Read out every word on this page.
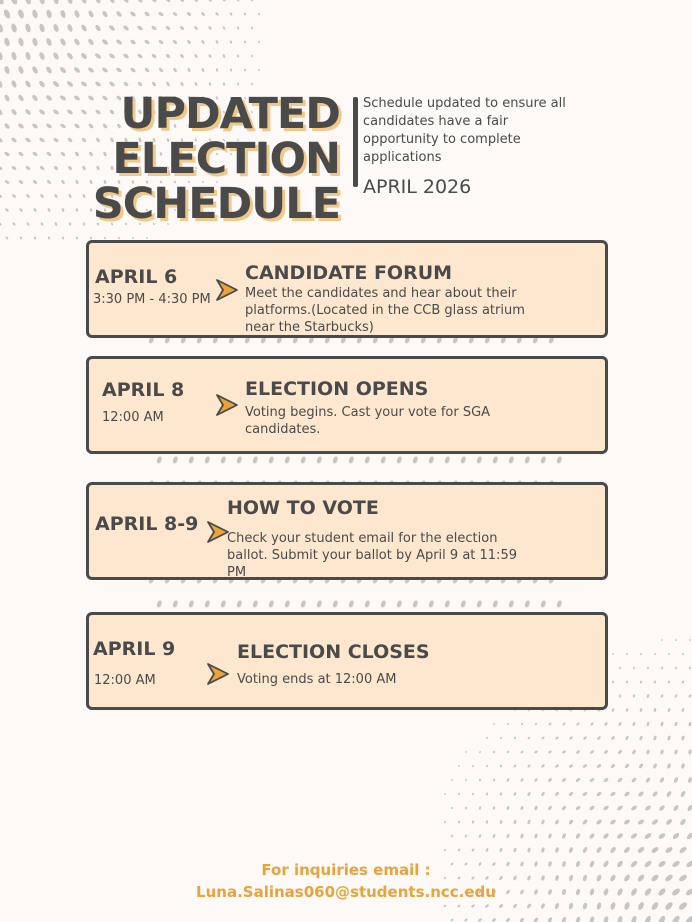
UPDATED
ELECTION
SCHEDULE
Schedule updated to ensure all candidates have a fair opportunity to complete applications
APRIL 2026
APRIL 6
3:30 PM - 4:30 PM
CANDIDATE FORUM
Meet the candidates and hear about their platforms.(Located in the CCB glass atrium near the Starbucks)
APRIL 8
12:00 AM
ELECTION OPENS
Voting begins. Cast your vote for SGA candidates.
APRIL 8-9
HOW TO VOTE
Check your student email for the election ballot. Submit your ballot by April 9 at 11:59 PM
APRIL 9
12:00 AM
ELECTION CLOSES
Voting ends at 12:00 AM
For inquiries email :
Luna.Salinas060@students.ncc.edu
